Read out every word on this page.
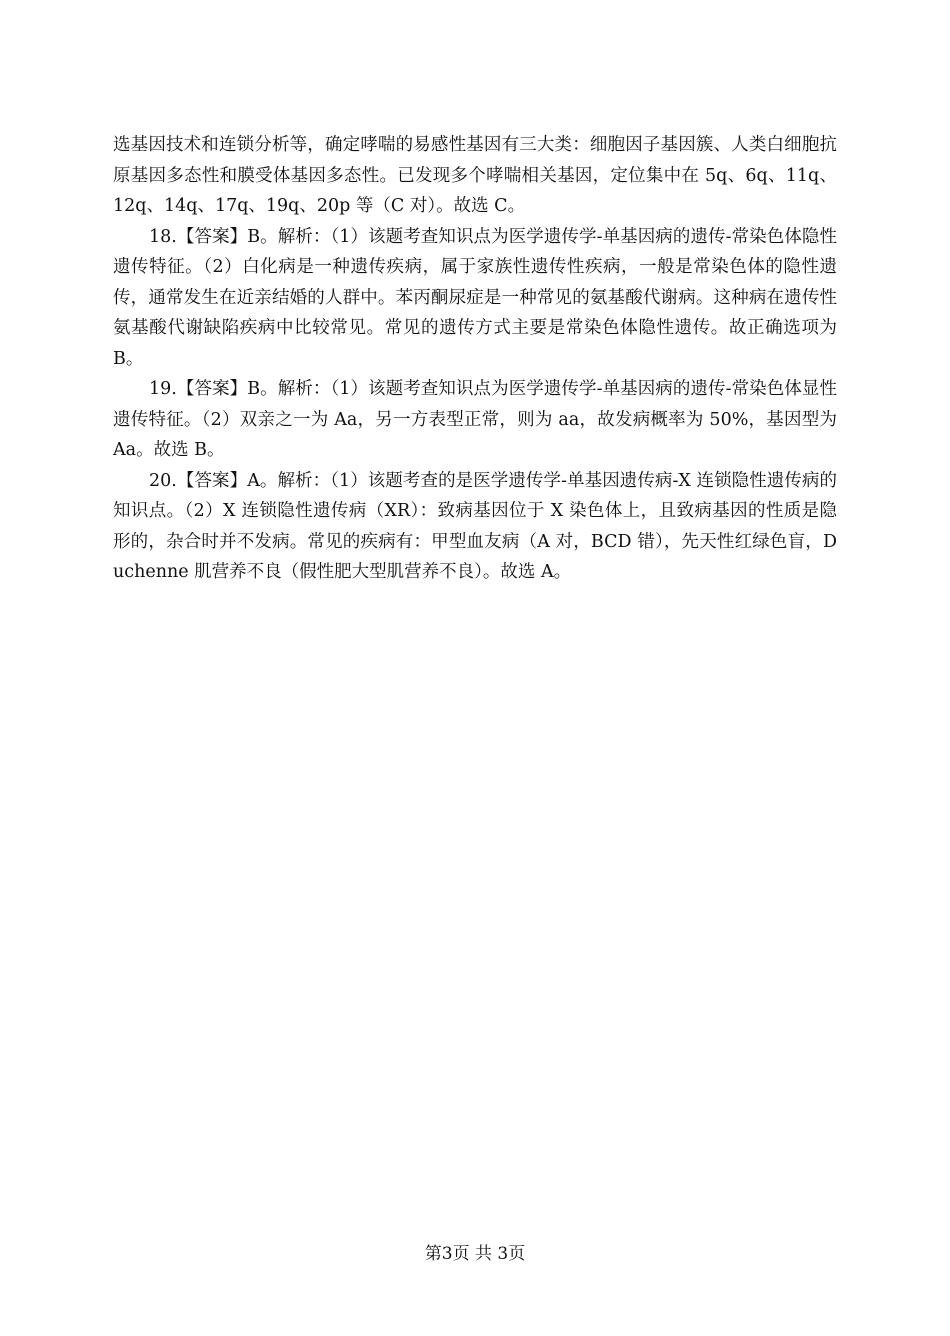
选基因技术和连锁分析等，确定哮喘的易感性基因有三大类：细胞因子基因簇、人类白细胞抗原基因多态性和膜受体基因多态性。已发现多个哮喘相关基因，定位集中在 5q、6q、11q、12q、14q、17q、19q、20p 等（C 对）。故选 C。

18.【答案】B。解析：（1）该题考查知识点为医学遗传学-单基因病的遗传-常染色体隐性遗传特征。（2）白化病是一种遗传疾病，属于家族性遗传性疾病，一般是常染色体的隐性遗传，通常发生在近亲结婚的人群中。苯丙酮尿症是一种常见的氨基酸代谢病。这种病在遗传性氨基酸代谢缺陷疾病中比较常见。常见的遗传方式主要是常染色体隐性遗传。故正确选项为 B。

19.【答案】B。解析：（1）该题考查知识点为医学遗传学-单基因病的遗传-常染色体显性遗传特征。（2）双亲之一为 Aa，另一方表型正常，则为 aa，故发病概率为 50%，基因型为 Aa。故选 B。

20.【答案】A。解析：（1）该题考查的是医学遗传学-单基因遗传病-X 连锁隐性遗传病的知识点。（2）X 连锁隐性遗传病（XR）：致病基因位于 X 染色体上，且致病基因的性质是隐形的，杂合时并不发病。常见的疾病有：甲型血友病（A 对，BCD 错），先天性红绿色盲，Duchenne 肌营养不良（假性肥大型肌营养不良）。故选 A。

第3页 共 3页
